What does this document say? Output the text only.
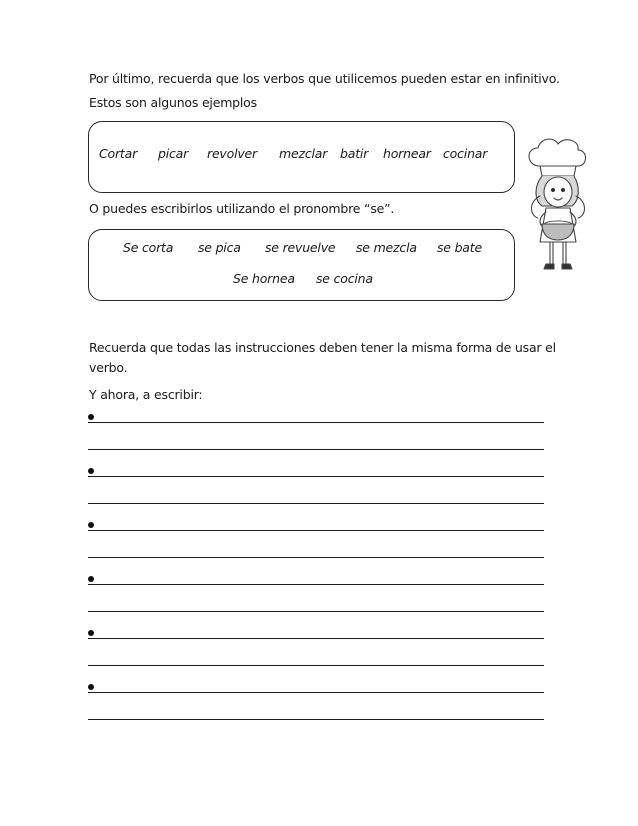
Por último, recuerda que los verbos que utilicemos pueden estar en infinitivo.
Estos son algunos ejemplos
Cortar picar revolver mezclar batir hornear cocinar
O puedes escribirlos utilizando el pronombre “se”.
Se corta se pica se revuelve se mezcla se bate
Se hornea se cocina
Recuerda que todas las instrucciones deben tener la misma forma de usar el
verbo.
Y ahora, a escribir:
